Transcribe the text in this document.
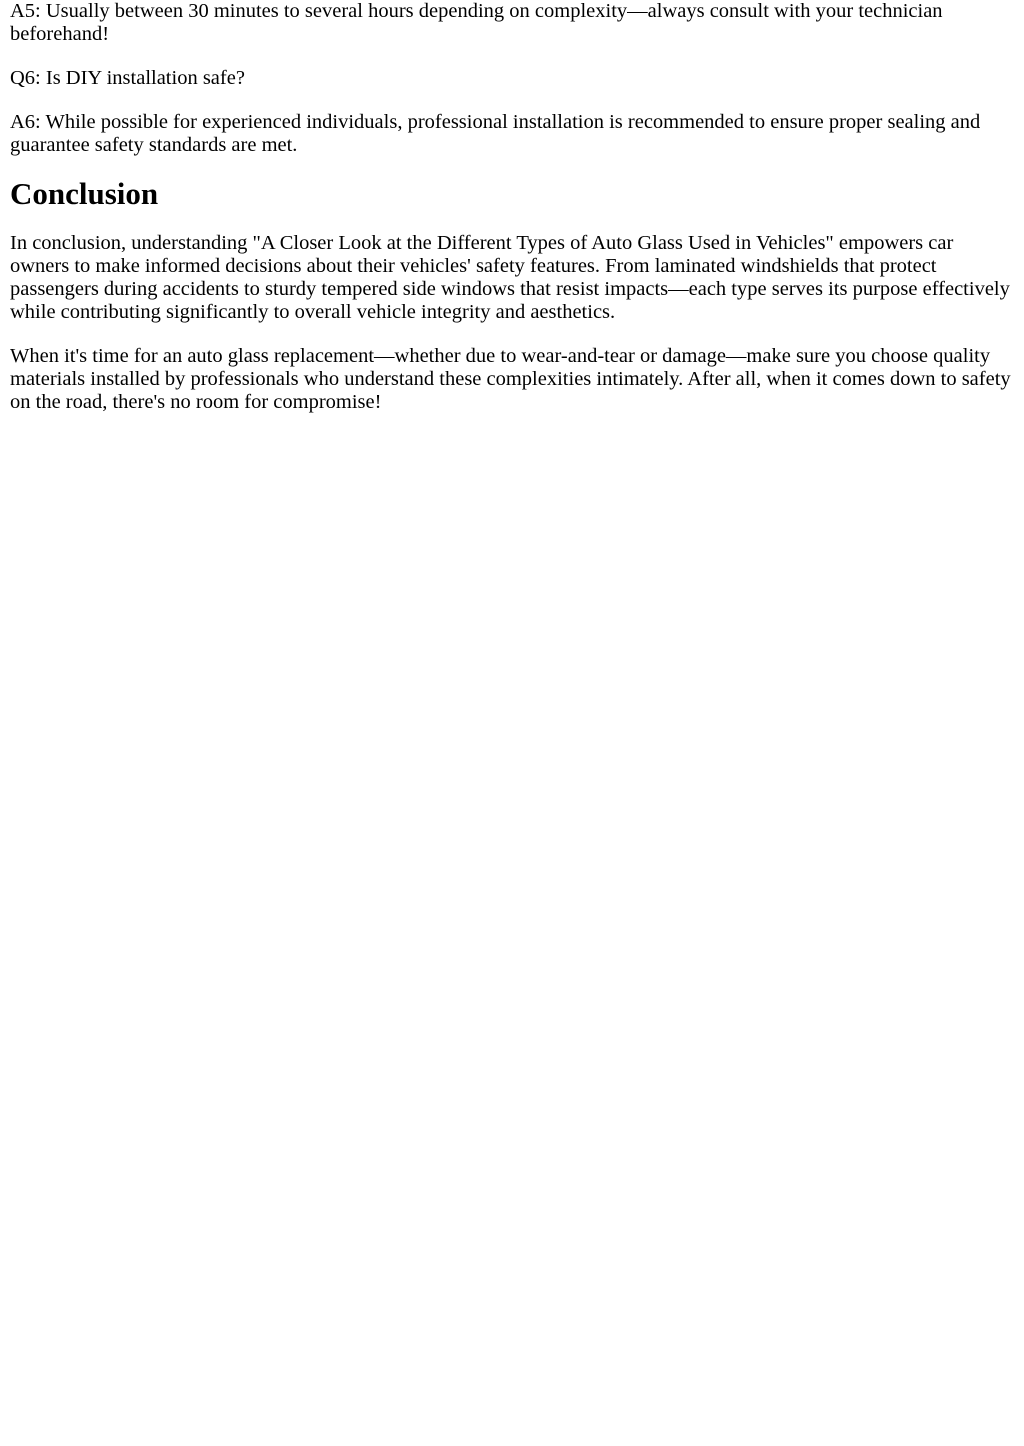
A5: Usually between 30 minutes to several hours depending on complexity—always consult with your technician beforehand!

Q6: Is DIY installation safe?

A6: While possible for experienced individuals, professional installation is recommended to ensure proper sealing and guarantee safety standards are met.

Conclusion

In conclusion, understanding "A Closer Look at the Different Types of Auto Glass Used in Vehicles" empowers car owners to make informed decisions about their vehicles' safety features. From laminated windshields that protect passengers during accidents to sturdy tempered side windows that resist impacts—each type serves its purpose effectively while contributing significantly to overall vehicle integrity and aesthetics.

When it's time for an auto glass replacement—whether due to wear-and-tear or damage—make sure you choose quality materials installed by professionals who understand these complexities intimately. After all, when it comes down to safety on the road, there's no room for compromise!
